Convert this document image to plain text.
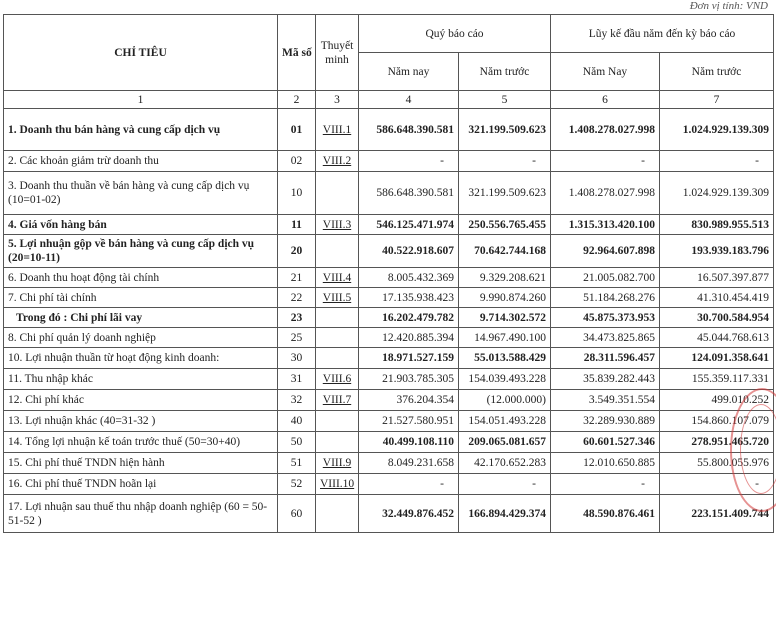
Đơn vị tính: VND
CHỈ TIÊU	Mã số	Thuyết minh	Quý báo cáo		Lũy kế đầu năm đến kỳ báo cáo	
			Năm nay	Năm trước	Năm Nay	Năm trước
1	2	3	4	5	6	7
1. Doanh thu bán hàng và cung cấp dịch vụ	01	VIII.1	586.648.390.581	321.199.509.623	1.408.278.027.998	1.024.929.139.309
2. Các khoản giảm trừ doanh thu	02	VIII.2	-	-	-	-
3. Doanh thu thuần về bán hàng và cung cấp dịch vụ (10=01-02)	10		586.648.390.581	321.199.509.623	1.408.278.027.998	1.024.929.139.309
4. Giá vốn hàng bán	11	VIII.3	546.125.471.974	250.556.765.455	1.315.313.420.100	830.989.955.513
5. Lợi nhuận gộp về bán hàng và cung cấp dịch vụ (20=10-11)	20		40.522.918.607	70.642.744.168	92.964.607.898	193.939.183.796
6. Doanh thu hoạt động tài chính	21	VIII.4	8.005.432.369	9.329.208.621	21.005.082.700	16.507.397.877
7. Chi phí tài chính	22	VIII.5	17.135.938.423	9.990.874.260	51.184.268.276	41.310.454.419
Trong đó : Chi phí lãi vay	23		16.202.479.782	9.714.302.572	45.875.373.953	30.700.584.954
8. Chi phí quản lý doanh nghiệp	25		12.420.885.394	14.967.490.100	34.473.825.865	45.044.768.613
10. Lợi nhuận thuần từ hoạt động kinh doanh:	30		18.971.527.159	55.013.588.429	28.311.596.457	124.091.358.641
11. Thu nhập khác	31	VIII.6	21.903.785.305	154.039.493.228	35.839.282.443	155.359.117.331
12. Chi phí khác	32	VIII.7	376.204.354	(12.000.000)	3.549.351.554	499.010.252
13. Lợi nhuận khác (40=31-32 )	40		21.527.580.951	154.051.493.228	32.289.930.889	154.860.107.079
14. Tổng lợi nhuận kế toán trước thuế (50=30+40)	50		40.499.108.110	209.065.081.657	60.601.527.346	278.951.465.720
15. Chi phí thuế TNDN hiện hành	51	VIII.9	8.049.231.658	42.170.652.283	12.010.650.885	55.800.055.976
16. Chi phí thuế TNDN hoãn lại	52	VIII.10	-	-	-	-
17. Lợi nhuận sau thuế thu nhập doanh nghiệp (60 = 50-51-52 )	60		32.449.876.452	166.894.429.374	48.590.876.461	223.151.409.744
